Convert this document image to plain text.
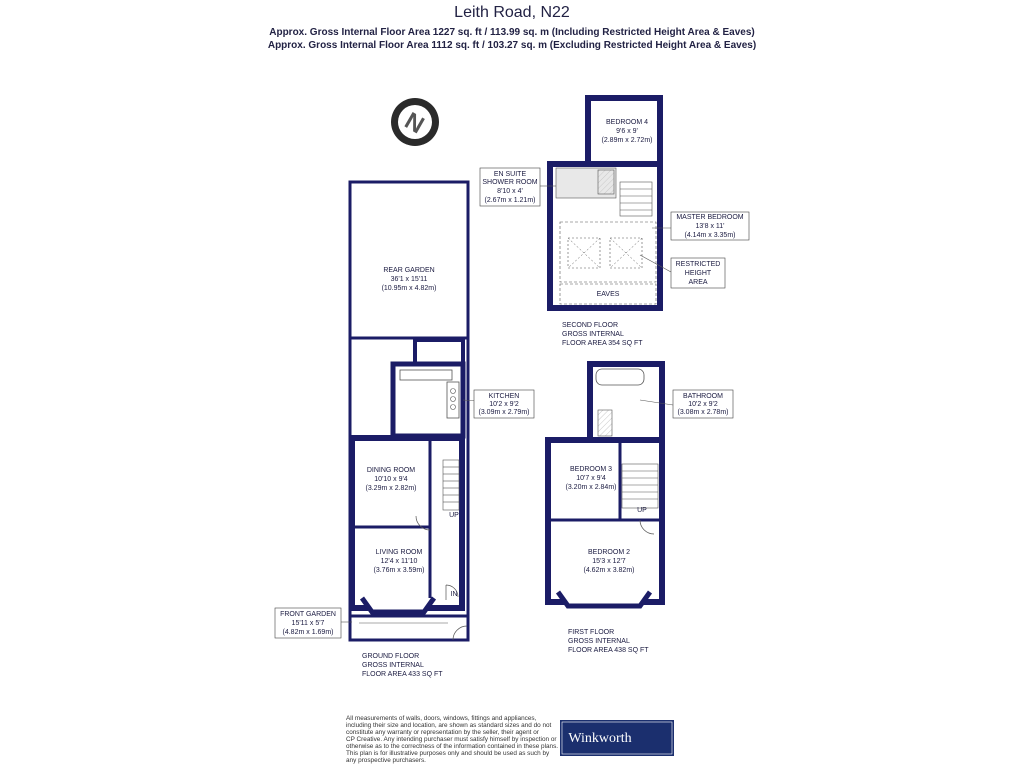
Leith Road, N22
Approx. Gross Internal Floor Area 1227 sq. ft / 113.99 sq. m (Including Restricted Height Area & Eaves)
Approx. Gross Internal Floor Area 1112 sq. ft / 103.27 sq. m (Excluding Restricted Height Area & Eaves)
N
REAR GARDEN
36'1 x 15'11
(10.95m x 4.82m)
KITCHEN
10'2 x 9'2
(3.09m x 2.79m)
DINING ROOM
10'10 x 9'4
(3.29m x 2.82m)
LIVING ROOM
12'4 x 11'10
(3.76m x 3.59m)
FRONT GARDEN
15'11 x 5'7
(4.82m x 1.69m)
UP
IN
GROUND FLOOR
GROSS INTERNAL
FLOOR AREA 433 SQ FT
BATHROOM
10'2 x 9'2
(3.08m x 2.78m)
BEDROOM 3
10'7 x 9'4
(3.20m x 2.84m)
BEDROOM 2
15'3 x 12'7
(4.62m x 3.82m)
UP
FIRST FLOOR
GROSS INTERNAL
FLOOR AREA 438 SQ FT
BEDROOM 4
9'6 x 9'
(2.89m x 2.72m)
EN SUITE
SHOWER ROOM
8'10 x 4'
(2.67m x 1.21m)
MASTER BEDROOM
13'8 x 11'
(4.14m x 3.35m)
RESTRICTED
HEIGHT
AREA
EAVES
SECOND FLOOR
GROSS INTERNAL
FLOOR AREA 354 SQ FT
All measurements of walls, doors, windows, fittings and appliances,
including their size and location, are shown as standard sizes and do not
constitute any warranty or representation by the seller, their agent or
CP Creative. Any intending purchaser must satisfy himself by inspection or
otherwise as to the correctness of the information contained in these plans.
This plan is for illustrative purposes only and should be used as such by
any prospective purchasers.
Winkworth
